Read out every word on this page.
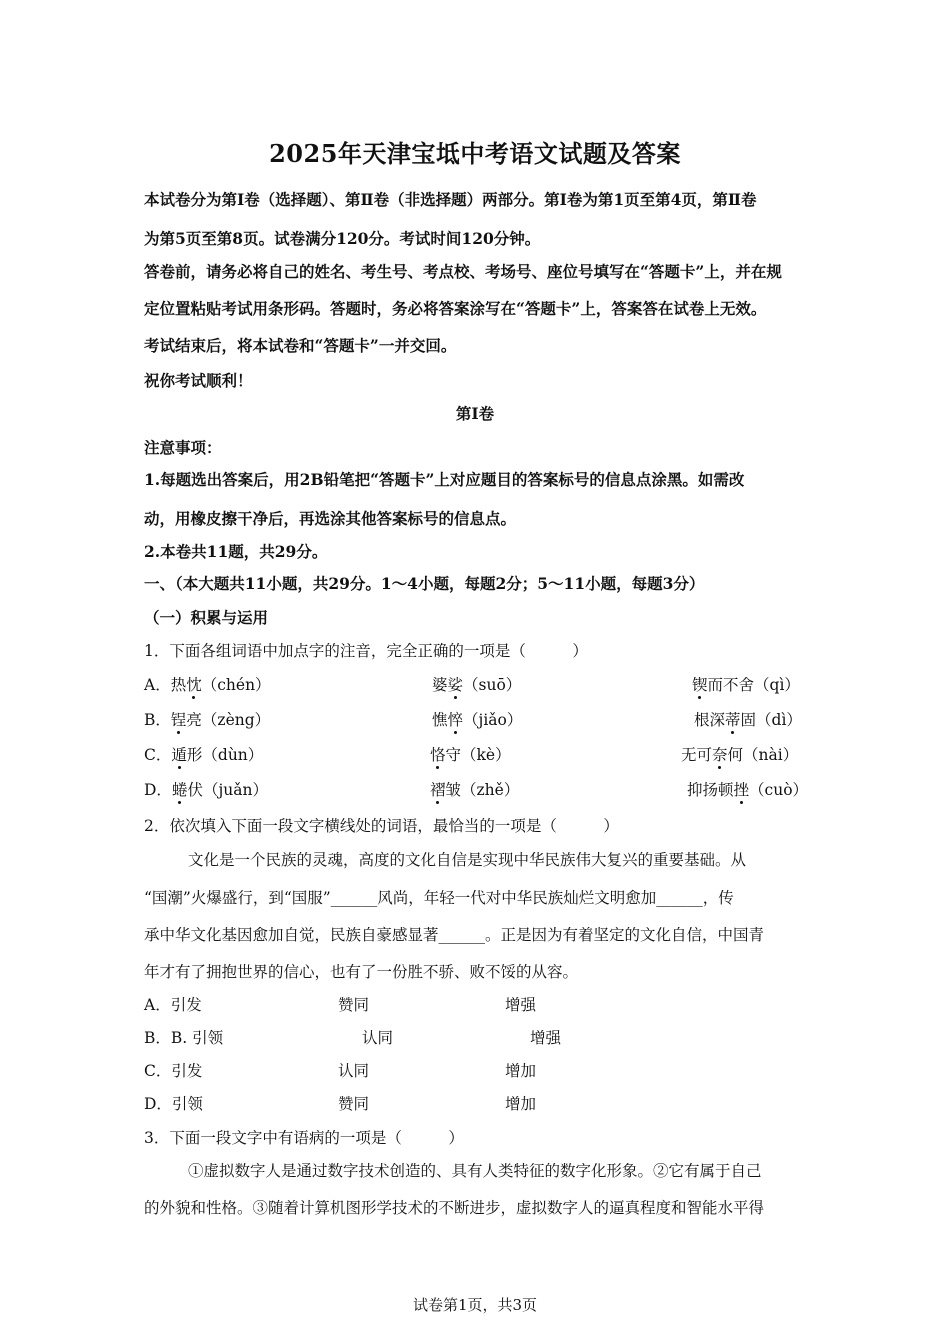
2025年天津宝坻中考语文试题及答案
本试卷分为第Ⅰ卷（选择题）、第Ⅱ卷（非选择题）两部分。第Ⅰ卷为第1页至第4页，第Ⅱ卷
为第5页至第8页。试卷满分120分。考试时间120分钟。
答卷前，请务必将自己的姓名、考生号、考点校、考场号、座位号填写在“答题卡”上，并在规
定位置粘贴考试用条形码。答题时，务必将答案涂写在“答题卡”上，答案答在试卷上无效。
考试结束后，将本试卷和“答题卡”一并交回。
祝你考试顺利！
第Ⅰ卷
注意事项：
1.每题选出答案后，用2B铅笔把“答题卡”上对应题目的答案标号的信息点涂黑。如需改
动，用橡皮擦干净后，再选涂其他答案标号的信息点。
2.本卷共11题，共29分。
一、（本大题共11小题，共29分。1～4小题，每题2分；5～11小题，每题3分）
（一）积累与运用
1．下面各组词语中加点字的注音，完全正确的一项是（　　　）
A．热忱（chén）	婆娑（suō）	锲而不舍（qì）
B．锃亮（zèng）	憔悴（jiǎo）	根深蒂固（dì）
C．遁形（dùn）	恪守（kè）	无可奈何（nài）
D．蜷伏（juǎn）	褶皱（zhě）	抑扬顿挫（cuò）
2．依次填入下面一段文字横线处的词语，最恰当的一项是（　　　）
文化是一个民族的灵魂，高度的文化自信是实现中华民族伟大复兴的重要基础。从
“国潮”火爆盛行，到“国服”______风尚，年轻一代对中华民族灿烂文明愈加______，传
承中华文化基因愈加自觉，民族自豪感显著______。正是因为有着坚定的文化自信，中国青
年才有了拥抱世界的信心，也有了一份胜不骄、败不馁的从容。
A．引发	赞同	增强
B．B. 引领	认同	增强
C．引发	认同	增加
D．引领	赞同	增加
3．下面一段文字中有语病的一项是（　　　）
①虚拟数字人是通过数字技术创造的、具有人类特征的数字化形象。②它有属于自己
的外貌和性格。③随着计算机图形学技术的不断进步，虚拟数字人的逼真程度和智能水平得
试卷第1页，共3页
